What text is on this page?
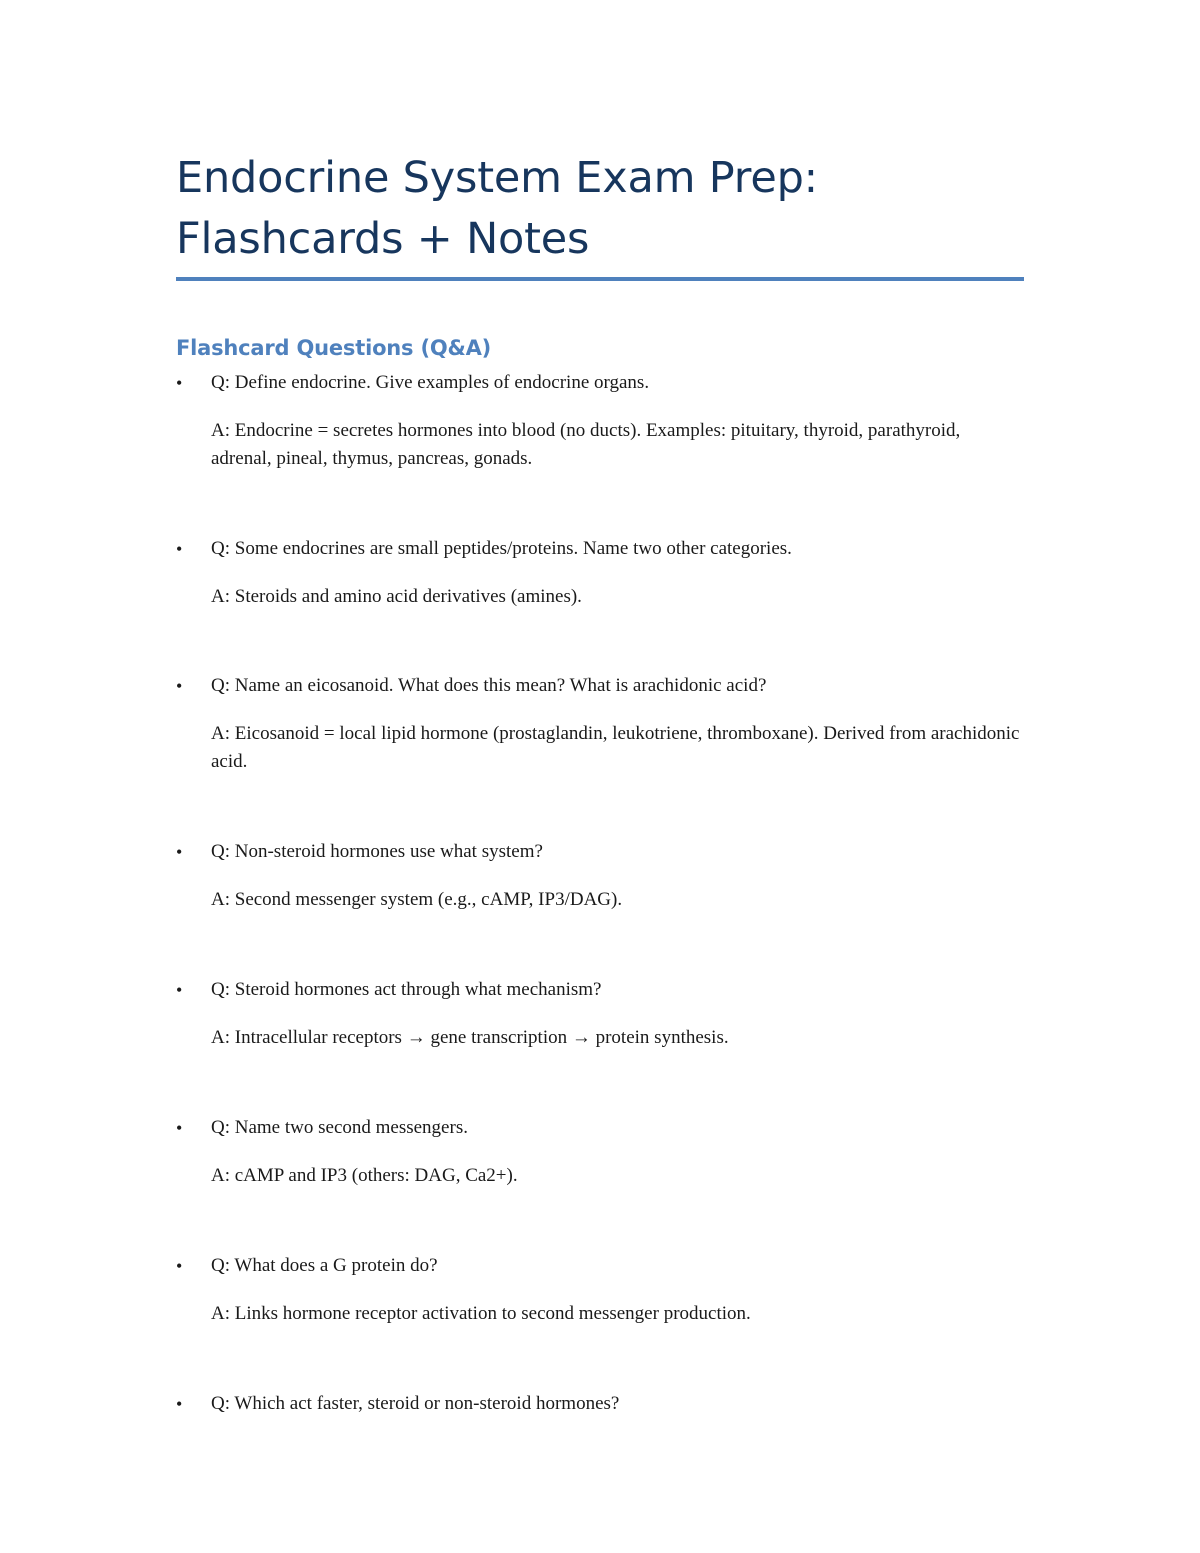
Endocrine System Exam Prep:
Flashcards + Notes
Flashcard Questions (Q&A)
• Q: Define endocrine. Give examples of endocrine organs.

A: Endocrine = secretes hormones into blood (no ducts). Examples: pituitary, thyroid, parathyroid, adrenal, pineal, thymus, pancreas, gonads.

• Q: Some endocrines are small peptides/proteins. Name two other categories.

A: Steroids and amino acid derivatives (amines).

• Q: Name an eicosanoid. What does this mean? What is arachidonic acid?

A: Eicosanoid = local lipid hormone (prostaglandin, leukotriene, thromboxane). Derived from arachidonic acid.

• Q: Non-steroid hormones use what system?

A: Second messenger system (e.g., cAMP, IP3/DAG).

• Q: Steroid hormones act through what mechanism?

A: Intracellular receptors → gene transcription → protein synthesis.

• Q: Name two second messengers.

A: cAMP and IP3 (others: DAG, Ca2+).

• Q: What does a G protein do?

A: Links hormone receptor activation to second messenger production.

• Q: Which act faster, steroid or non-steroid hormones?
